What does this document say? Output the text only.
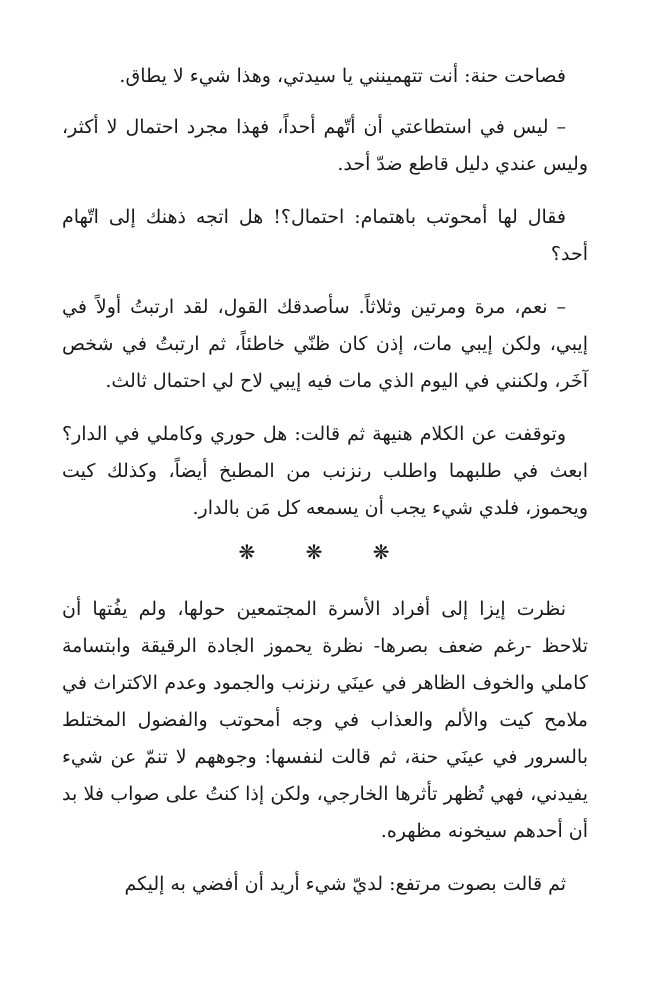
فصاحت حنة: أنت تتهمينني يا سيدتي، وهذا شيء لا يطاق.

– ليس في استطاعتي أن أتّهم أحداً، فهذا مجرد احتمال لا أكثر، وليس عندي دليل قاطع ضدّ أحد.

فقال لها أمحوتب باهتمام: احتمال؟! هل اتجه ذهنك إلى اتّهام أحد؟

– نعم، مرة ومرتين وثلاثاً. سأصدقك القول، لقد ارتبتُ أولاً في إيبي، ولكن إيبي مات، إذن كان ظنّي خاطئاً، ثم ارتبتُ في شخص آخَر، ولكنني في اليوم الذي مات فيه إيبي لاح لي احتمال ثالث.

وتوقفت عن الكلام هنيهة ثم قالت: هل حوري وكاملي في الدار؟ ابعث في طلبهما واطلب رنزنب من المطبخ أيضاً، وكذلك كيت ويحموز، فلدي شيء يجب أن يسمعه كل مَن بالدار.

❋ ❋ ❋

نظرت إيزا إلى أفراد الأسرة المجتمعين حولها، ولم يفُتها أن تلاحظ -رغم ضعف بصرها- نظرة يحموز الجادة الرقيقة وابتسامة كاملي والخوف الظاهر في عينَي رنزنب والجمود وعدم الاكتراث في ملامح كيت والألم والعذاب في وجه أمحوتب والفضول المختلط بالسرور في عينَي حنة، ثم قالت لنفسها: وجوههم لا تنمّ عن شيء يفيدني، فهي تُظهر تأثرها الخارجي، ولكن إذا كنتُ على صواب فلا بد أن أحدهم سيخونه مظهره.

ثم قالت بصوت مرتفع: لديّ شيء أريد أن أفضي به إليكم
